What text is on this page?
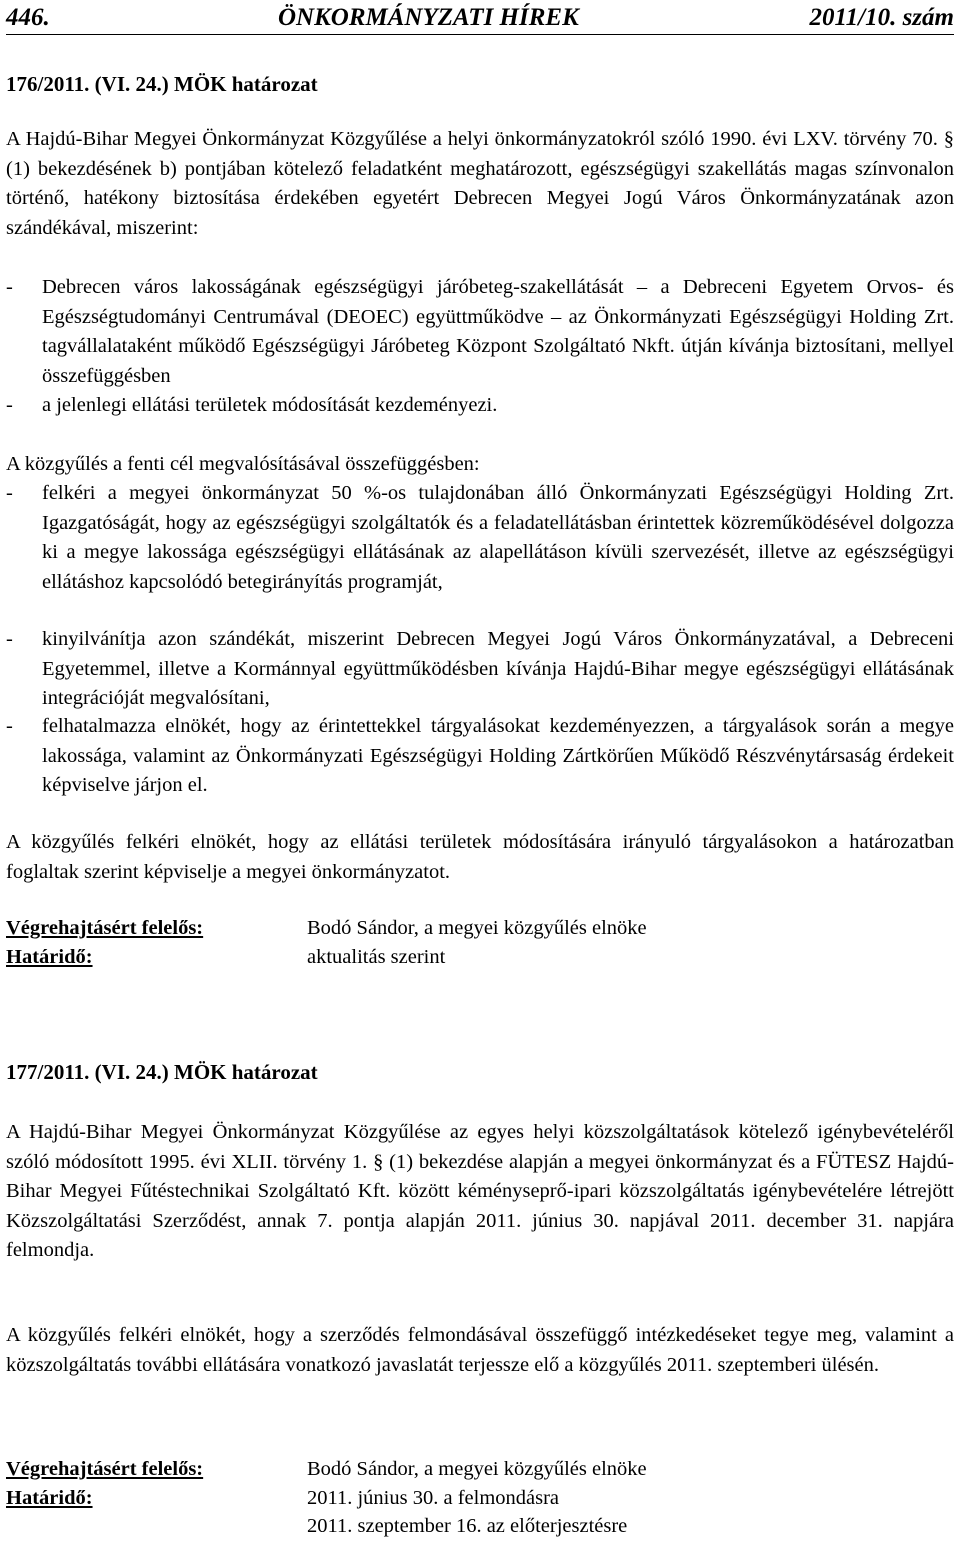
446.	ÖNKORMÁNYZATI HÍREK	2011/10. szám
176/2011. (VI. 24.) MÖK határozat
A Hajdú-Bihar Megyei Önkormányzat Közgyűlése a helyi önkormányzatokról szóló 1990. évi LXV. törvény 70. § (1) bekezdésének b) pontjában kötelező feladatként meghatározott, egészségügyi szakellátás magas színvonalon történő, hatékony biztosítása érdekében egyetért Debrecen Megyei Jogú Város Önkormányzatának azon szándékával, miszerint:
- Debrecen város lakosságának egészségügyi járóbeteg-szakellátását – a Debreceni Egyetem Orvos- és Egészségtudományi Centrumával (DEOEC) együttműködve – az Önkormányzati Egészségügyi Holding Zrt. tagvállalataként működő Egészségügyi Járóbeteg Központ Szolgáltató Nkft. útján kívánja biztosítani, mellyel összefüggésben
- a jelenlegi ellátási területek módosítását kezdeményezi.
A közgyűlés a fenti cél megvalósításával összefüggésben:
- felkéri a megyei önkormányzat 50 %-os tulajdonában álló Önkormányzati Egészségügyi Holding Zrt. Igazgatóságát, hogy az egészségügyi szolgáltatók és a feladatellátásban érintettek közreműködésével dolgozza ki a megye lakossága egészségügyi ellátásának az alapellátáson kívüli szervezését, illetve az egészségügyi ellátáshoz kapcsolódó betegirányítás programját,
- kinyilvánítja azon szándékát, miszerint Debrecen Megyei Jogú Város Önkormányzatával, a Debreceni Egyetemmel, illetve a Kormánnyal együttműködésben kívánja Hajdú-Bihar megye egészségügyi ellátásának integrációját megvalósítani,
- felhatalmazza elnökét, hogy az érintettekkel tárgyalásokat kezdeményezzen, a tárgyalások során a megye lakossága, valamint az Önkormányzati Egészségügyi Holding Zártkörűen Működő Részvénytársaság érdekeit képviselve járjon el.
A közgyűlés felkéri elnökét, hogy az ellátási területek módosítására irányuló tárgyalásokon a határozatban foglaltak szerint képviselje a megyei önkormányzatot.
Végrehajtásért felelős:	Bodó Sándor, a megyei közgyűlés elnöke
Határidő:	aktualitás szerint
177/2011. (VI. 24.) MÖK határozat
A Hajdú-Bihar Megyei Önkormányzat Közgyűlése az egyes helyi közszolgáltatások kötelező igénybevételéről szóló módosított 1995. évi XLII. törvény 1. § (1) bekezdése alapján a megyei önkormányzat és a FÜTESZ Hajdú-Bihar Megyei Fűtéstechnikai Szolgáltató Kft. között kéményseprő-ipari közszolgáltatás igénybevételére létrejött Közszolgáltatási Szerződést, annak 7. pontja alapján 2011. június 30. napjával 2011. december 31. napjára felmondja.
A közgyűlés felkéri elnökét, hogy a szerződés felmondásával összefüggő intézkedéseket tegye meg, valamint a közszolgáltatás további ellátására vonatkozó javaslatát terjessze elő a közgyűlés 2011. szeptemberi ülésén.
Végrehajtásért felelős:	Bodó Sándor, a megyei közgyűlés elnöke
Határidő:	2011. június 30. a felmondásra
2011. szeptember 16. az előterjesztésre
